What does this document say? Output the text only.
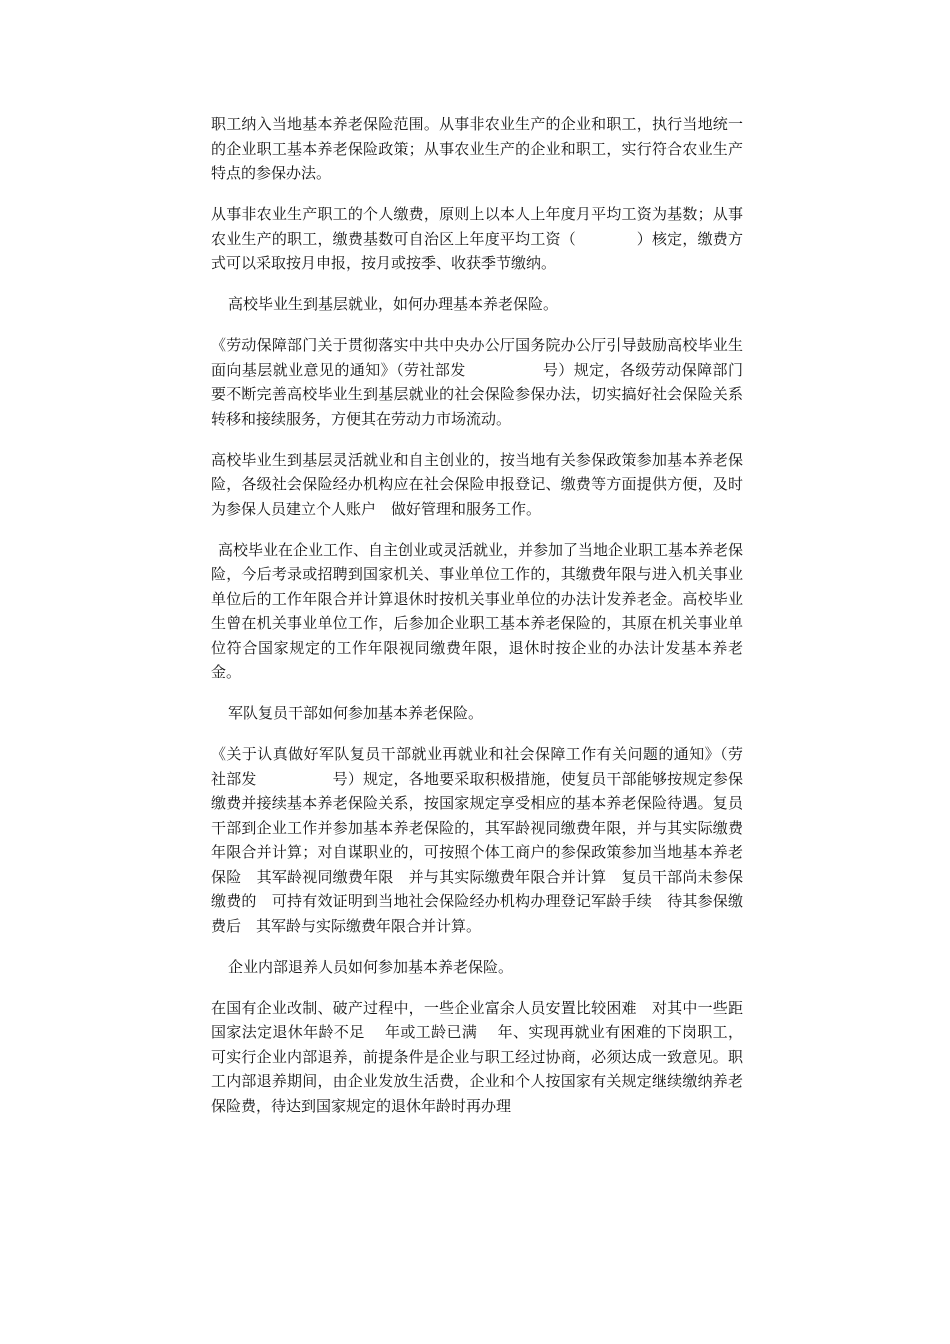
职工纳入当地基本养老保险范围。从事非农业生产的企业和职工，执行当地统一的企业职工基本养老保险政策；从事农业生产的企业和职工，实行符合农业生产特点的参保办法。

从事非农业生产职工的个人缴费，原则上以本人上年度月平均工资为基数；从事农业生产的职工，缴费基数可自治区上年度平均工资（　　　　）核定，缴费方式可以采取按月申报，按月或按季、收获季节缴纳。

高校毕业生到基层就业，如何办理基本养老保险。

《劳动保障部门关于贯彻落实中共中央办公厅国务院办公厅引导鼓励高校毕业生面向基层就业意见的通知》（劳社部发　　　　　号）规定，各级劳动保障部门要不断完善高校毕业生到基层就业的社会保险参保办法，切实搞好社会保险关系转移和接续服务，方便其在劳动力市场流动。

高校毕业生到基层灵活就业和自主创业的，按当地有关参保政策参加基本养老保险，各级社会保险经办机构应在社会保险申报登记、缴费等方面提供方便，及时为参保人员建立个人账户　做好管理和服务工作。

高校毕业在企业工作、自主创业或灵活就业，并参加了当地企业职工基本养老保险，今后考录或招聘到国家机关、事业单位工作的，其缴费年限与进入机关事业单位后的工作年限合并计算退休时按机关事业单位的办法计发养老金。高校毕业生曾在机关事业单位工作，后参加企业职工基本养老保险的，其原在机关事业单位符合国家规定的工作年限视同缴费年限，退休时按企业的办法计发基本养老金。

军队复员干部如何参加基本养老保险。

《关于认真做好军队复员干部就业再就业和社会保障工作有关问题的通知》（劳社部发　　　　　号）规定，各地要采取积极措施，使复员干部能够按规定参保缴费并接续基本养老保险关系，按国家规定享受相应的基本养老保险待遇。复员干部到企业工作并参加基本养老保险的，其军龄视同缴费年限，并与其实际缴费年限合并计算；对自谋职业的，可按照个体工商户的参保政策参加当地基本养老保险　其军龄视同缴费年限　并与其实际缴费年限合并计算　复员干部尚未参保缴费的　可持有效证明到当地社会保险经办机构办理登记军龄手续　待其参保缴费后　其军龄与实际缴费年限合并计算。

企业内部退养人员如何参加基本养老保险。

在国有企业改制、破产过程中，一些企业富余人员安置比较困难　对其中一些距国家法定退休年龄不足　 年或工龄已满　 年、实现再就业有困难的下岗职工，可实行企业内部退养，前提条件是企业与职工经过协商，必须达成一致意见。职工内部退养期间，由企业发放生活费，企业和个人按国家有关规定继续缴纳养老保险费，待达到国家规定的退休年龄时再办理
